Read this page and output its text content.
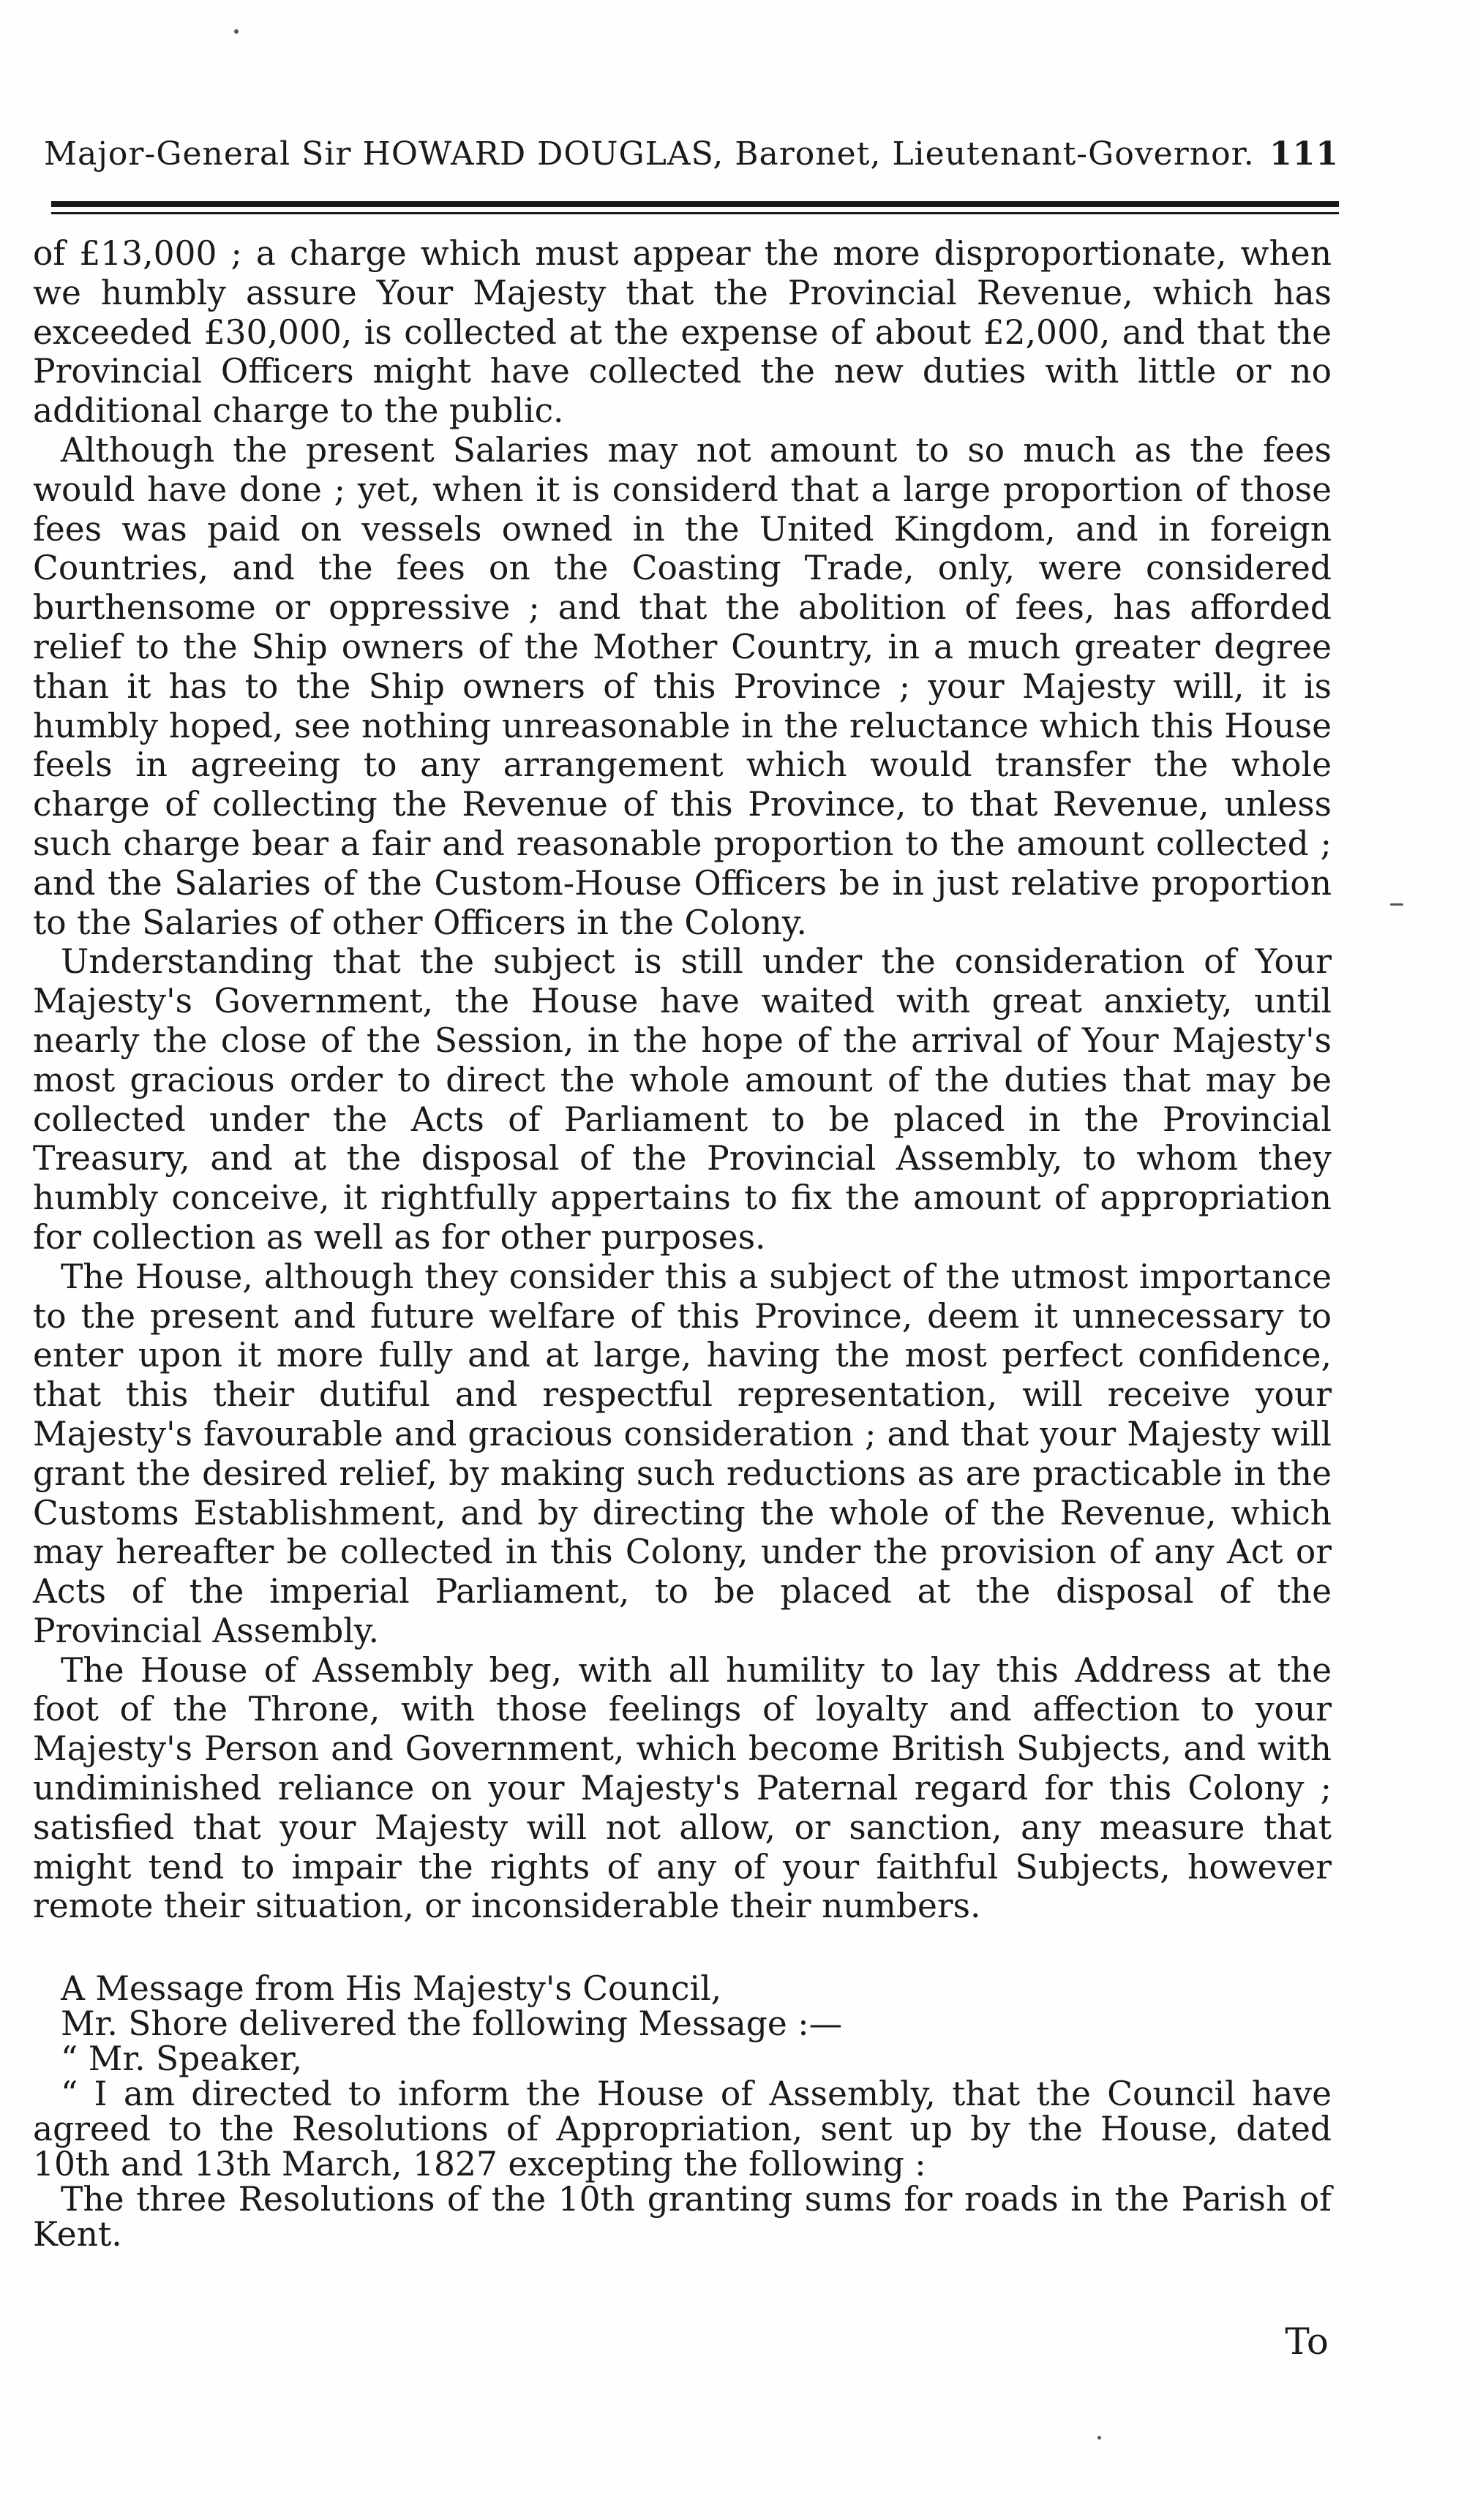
Major-General Sir HOWARD DOUGLAS, Baronet, Lieutenant-Governor. 111

of £13,000 ; a charge which must appear the more disproportionate, when we humbly assure Your Majesty that the Provincial Revenue, which has exceeded £30,000, is collected at the expense of about £2,000, and that the Provincial Officers might have collected the new duties with little or no additional charge to the public.

Although the present Salaries may not amount to so much as the fees would have done ; yet, when it is considerd that a large proportion of those fees was paid on vessels owned in the United Kingdom, and in foreign Countries, and the fees on the Coasting Trade, only, were considered burthensome or oppressive ; and that the abolition of fees, has afforded relief to the Ship owners of the Mother Country, in a much greater degree than it has to the Ship owners of this Province ; your Majesty will, it is humbly hoped, see nothing unreasonable in the reluctance which this House feels in agreeing to any arrangement which would transfer the whole charge of collecting the Revenue of this Province, to that Revenue, unless such charge bear a fair and reasonable proportion to the amount collected ; and the Salaries of the Custom-House Officers be in just relative proportion to the Salaries of other Officers in the Colony.

Understanding that the subject is still under the consideration of Your Majesty's Government, the House have waited with great anxiety, until nearly the close of the Session, in the hope of the arrival of Your Majesty's most gracious order to direct the whole amount of the duties that may be collected under the Acts of Parliament to be placed in the Provincial Treasury, and at the disposal of the Provincial Assembly, to whom they humbly conceive, it rightfully appertains to fix the amount of appropriation for collection as well as for other purposes.

The House, although they consider this a subject of the utmost importance to the present and future welfare of this Province, deem it unnecessary to enter upon it more fully and at large, having the most perfect confidence, that this their dutiful and respectful representation, will receive your Majesty's favourable and gracious consideration ; and that your Majesty will grant the desired relief, by making such reductions as are practicable in the Customs Establishment, and by directing the whole of the Revenue, which may hereafter be collected in this Colony, under the provision of any Act or Acts of the imperial Parliament, to be placed at the disposal of the Provincial Assembly.

The House of Assembly beg, with all humility to lay this Address at the foot of the Throne, with those feelings of loyalty and affection to your Majesty's Person and Government, which become British Subjects, and with undiminished reliance on your Majesty's Paternal regard for this Colony ; satisfied that your Majesty will not allow, or sanction, any measure that might tend to impair the rights of any of your faithful Subjects, however remote their situation, or inconsiderable their numbers.

A Message from His Majesty's Council,

Mr. Shore delivered the following Message :—

“ Mr. Speaker,

“ I am directed to inform the House of Assembly, that the Council have agreed to the Resolutions of Appropriation, sent up by the House, dated 10th and 13th March, 1827 excepting the following :

The three Resolutions of the 10th granting sums for roads in the Parish of Kent.

To
